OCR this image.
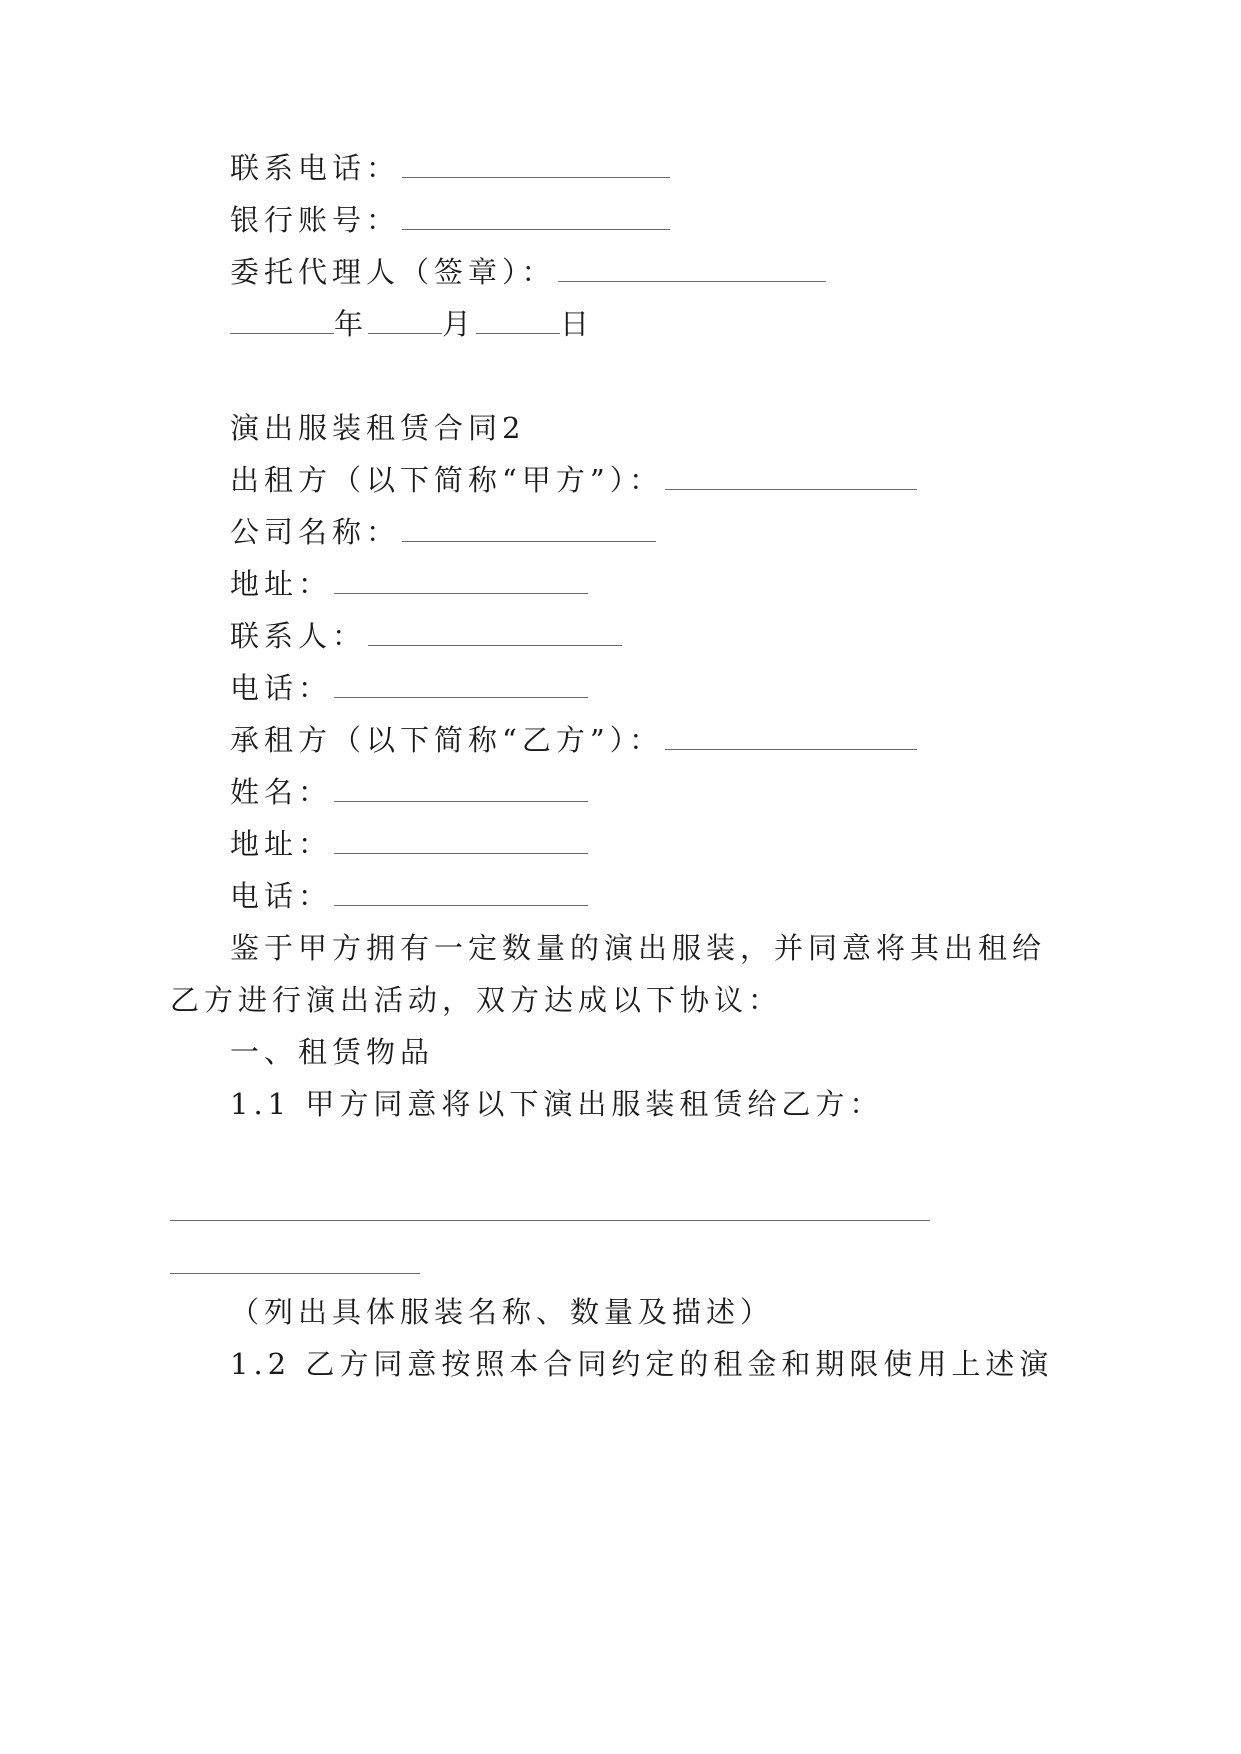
联系电话：
银行账号：
委托代理人（签章）：
年	月	日
演出服装租赁合同2
出租方（以下简称“甲方”）：
公司名称：
地址：
联系人：
电话：
承租方（以下简称“乙方”）：
姓名：
地址：
电话：
鉴于甲方拥有一定数量的演出服装，并同意将其出租给
乙方进行演出活动，双方达成以下协议：
一、租赁物品
1.1 甲方同意将以下演出服装租赁给乙方：
（列出具体服装名称、数量及描述）
1.2 乙方同意按照本合同约定的租金和期限使用上述演
